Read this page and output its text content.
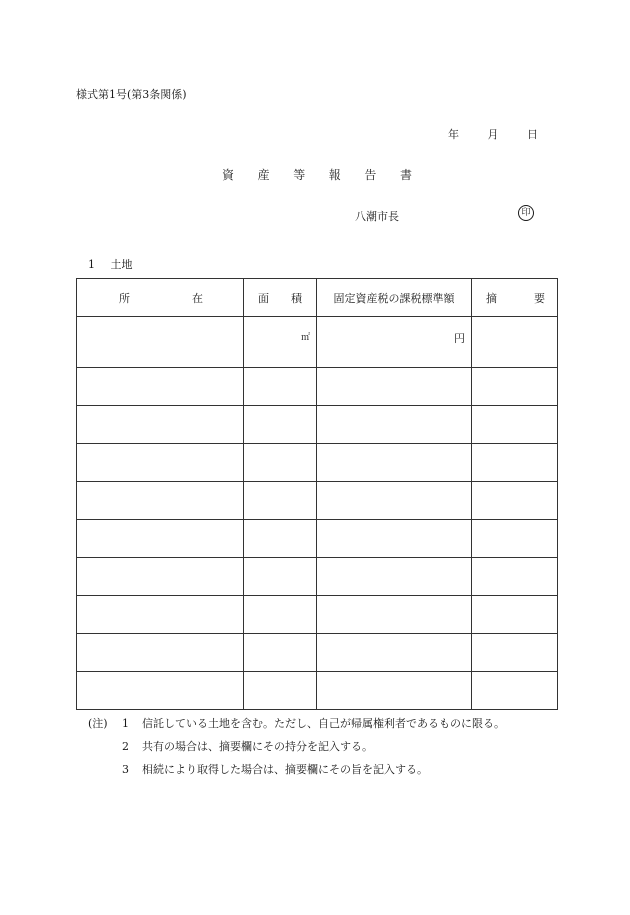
様式第1号(第3条関係)
年	月	日
資 産 等 報 告 書
八潮市長	印
1 土地
所 在	面 積	固定資産税の課税標準額	摘 要

	㎡	円	

(注)	1	信託している土地を含む。ただし、自己が帰属権利者であるものに限る。
2	共有の場合は、摘要欄にその持分を記入する。
3	相続により取得した場合は、摘要欄にその旨を記入する。
